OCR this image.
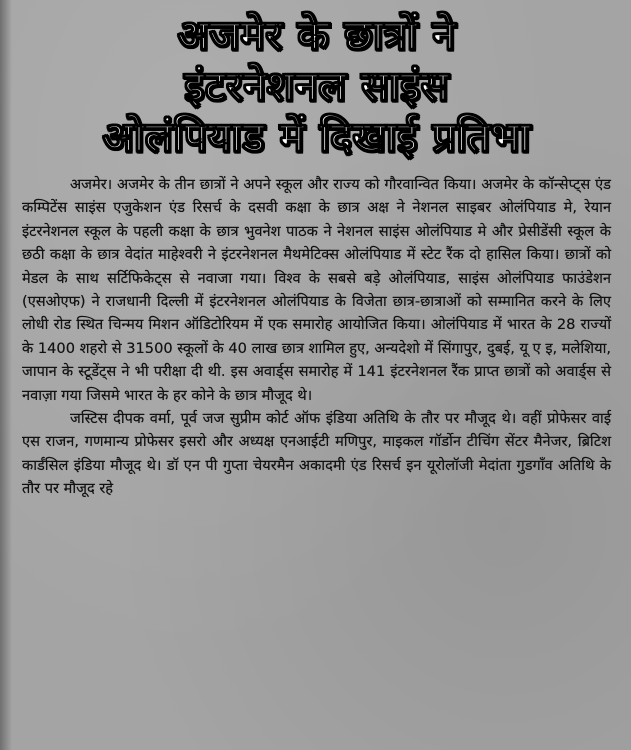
अजमेर के छात्रों ने
इंटरनेशनल साइंस
ओलंपियाड में दिखाई प्रतिभा

अजमेर। अजमेर के तीन छात्रों ने अपने स्कूल और राज्य को गौरवान्वित किया। अजमेर के कॉन्सेप्ट्स एंड कम्पिटेंस साइंस एजुकेशन एंड रिसर्च के दसवी कक्षा के छात्र अक्ष ने नेशनल साइबर ओलंपियाड मे, रेयान इंटरनेशनल स्कूल के पहली कक्षा के छात्र भुवनेश पाठक ने नेशनल साइंस ओलंपियाड मे और प्रेसीडेंसी स्कूल के छठी कक्षा के छात्र वेदांत माहेश्वरी ने इंटरनेशनल मैथमेटिक्स ओलंपियाड में स्टेट रैंक दो हासिल किया। छात्रों को मेडल के साथ सर्टिफिकेट्स से नवाजा गया। विश्व के सबसे बड़े ओलंपियाड, साइंस ओलंपियाड फाउंडेशन (एसओएफ) ने राजधानी दिल्ली में इंटरनेशनल ओलंपियाड के विजेता छात्र-छात्राओं को सम्मानित करने के लिए लोधी रोड स्थित चिन्मय मिशन ऑडिटोरियम में एक समारोह आयोजित किया। ओलंपियाड में भारत के 28 राज्यों के 1400 शहरो से 31500 स्कूलों के 40 लाख छात्र शामिल हुए, अन्यदेशो में सिंगापुर, दुबई, यू ए इ, मलेशिया, जापान के स्टूडेंट्स ने भी परीक्षा दी थी. इस अवार्ड्स समारोह में 141 इंटरनेशनल रैंक प्राप्त छात्रों को अवार्ड्स से नवाज़ा गया जिसमे भारत के हर कोने के छात्र मौजूद थे।

जस्टिस दीपक वर्मा, पूर्व जज सुप्रीम कोर्ट ऑफ इंडिया अतिथि के तौर पर मौजूद थे। वहीं प्रोफेसर वाई एस राजन, गणमान्य प्रोफेसर इसरो और अध्यक्ष एनआईटी मणिपुर, माइकल गॉर्डोन टीचिंग सेंटर मैनेजर, ब्रिटिश कार्डंसिल इंडिया मौजूद थे। डॉ एन पी गुप्ता चेयरमैन अकादमी एंड रिसर्च इन यूरोलॉजी मेदांता गुडगाँव अतिथि के तौर पर मौजूद रहे
